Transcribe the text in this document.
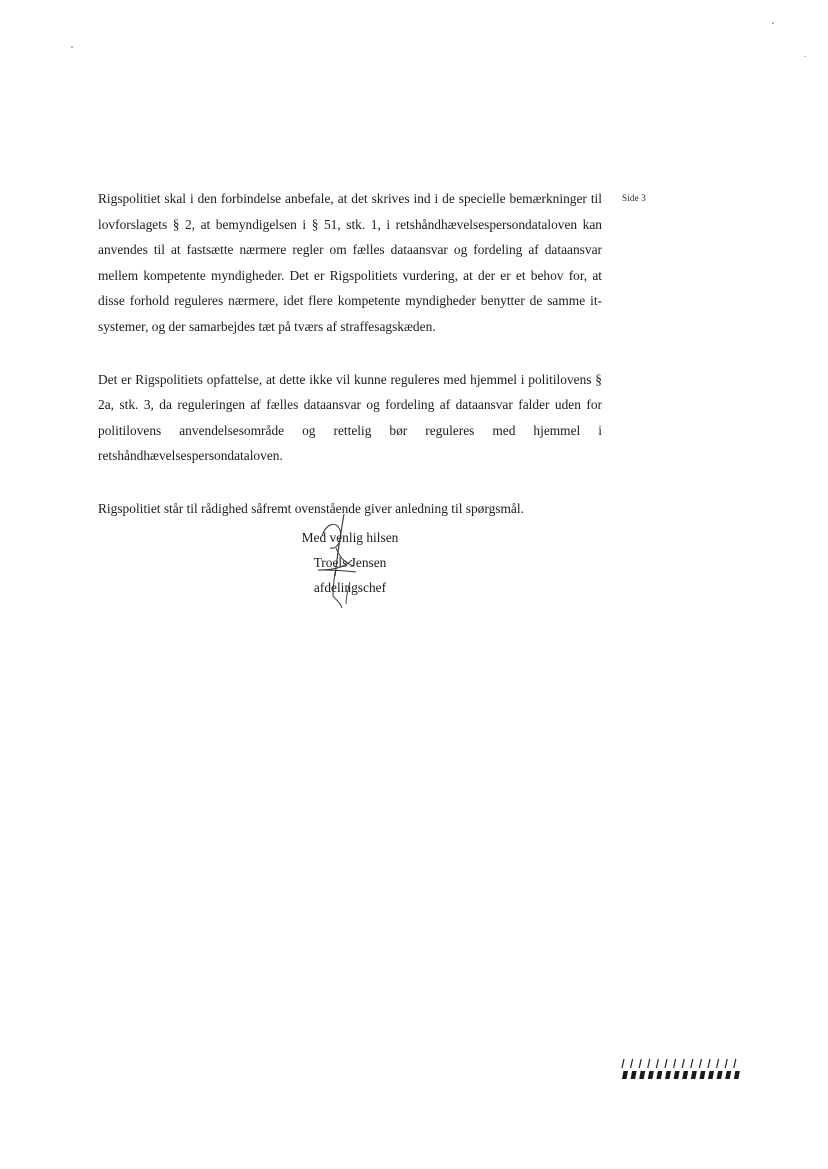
Side 3

Rigspolitiet skal i den forbindelse anbefale, at det skrives ind i de specielle bemærkninger til lovforslagets § 2, at bemyndigelsen i § 51, stk. 1, i retshåndhævelsespersondataloven kan anvendes til at fastsætte nærmere regler om fælles dataansvar og fordeling af dataansvar mellem kompetente myndigheder. Det er Rigspolitiets vurdering, at der er et behov for, at disse forhold reguleres nærmere, idet flere kompetente myndigheder benytter de samme it-systemer, og der samarbejdes tæt på tværs af straffesagskæden.

Det er Rigspolitiets opfattelse, at dette ikke vil kunne reguleres med hjemmel i politilovens § 2a, stk. 3, da reguleringen af fælles dataansvar og fordeling af dataansvar falder uden for politilovens anvendelsesområde og rettelig bør reguleres med hjemmel i retshåndhævelsespersondataloven.

Rigspolitiet står til rådighed såfremt ovenstående giver anledning til spørgsmål.

Med venlig hilsen
Troels Jensen
afdelingschef
